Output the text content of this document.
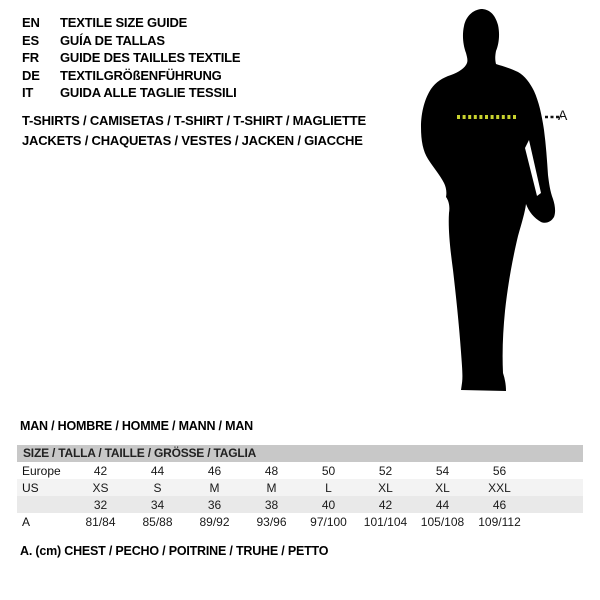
EN	TEXTILE SIZE GUIDE
ES	GUÍA DE TALLAS
FR	GUIDE DES TAILLES TEXTILE
DE	TEXTILGRÖßENFÜHRUNG
IT	GUIDA ALLE TAGLIE TESSILI
T-SHIRTS / CAMISETAS / T-SHIRT / T-SHIRT / MAGLIETTE
JACKETS / CHAQUETAS / VESTES / JACKEN / GIACCHE
A
MAN / HOMBRE / HOMME / MANN / MAN
SIZE / TALLA / TAILLE / GRÖSSE / TAGLIA
Europe	42	44	46	48	50	52	54	56	
US	XS	S	M	M	L	XL	XL	XXL	
	32	34	36	38	40	42	44	46	
A	81/84	85/88	89/92	93/96	97/100	101/104	105/108	109/112	
A. (cm) CHEST / PECHO / POITRINE / TRUHE / PETTO
